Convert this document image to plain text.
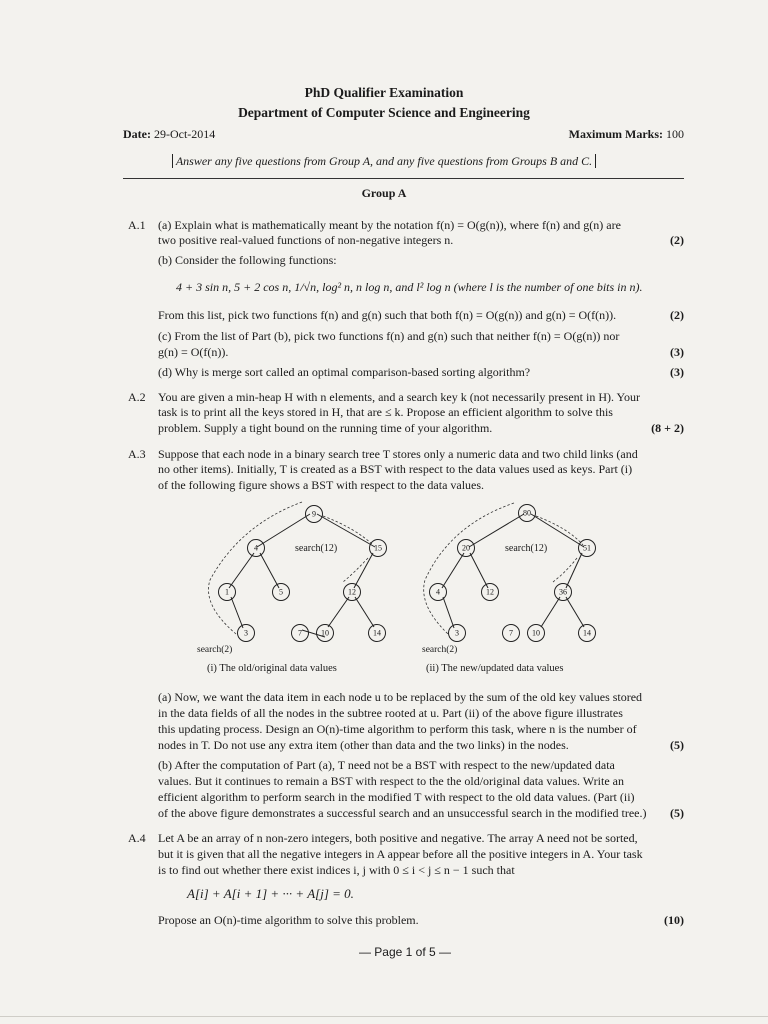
PhD Qualifier Examination
Department of Computer Science and Engineering
Date: 29-Oct-2014	Maximum Marks: 100
Answer any five questions from Group A, and any five questions from Groups B and C.
Group A
A.1	(a) Explain what is mathematically meant by the notation f(n) = O(g(n)), where f(n) and g(n) are
two positive real-valued functions of non-negative integers n.	(2)
(b) Consider the following functions:
4 + 3 sin n, 5 + 2 cos n, 1/√n, log² n, n log n, and l² log n (where l is the number of one bits in n).
From this list, pick two functions f(n) and g(n) such that both f(n) = O(g(n)) and g(n) = O(f(n)).	(2)
(c) From the list of Part (b), pick two functions f(n) and g(n) such that neither f(n) = O(g(n)) nor
g(n) = O(f(n)).	(3)
(d) Why is merge sort called an optimal comparison-based sorting algorithm?	(3)
A.2	You are given a min-heap H with n elements, and a search key k (not necessarily present in H). Your
task is to print all the keys stored in H, that are ≤ k. Propose an efficient algorithm to solve this
problem. Supply a tight bound on the running time of your algorithm.	(8 + 2)
A.3	Suppose that each node in a binary search tree T stores only a numeric data and two child links (and
no other items). Initially, T is created as a BST with respect to the data values used as keys. Part (i)
of the following figure shows a BST with respect to the data values.
9
4	15
1	5	12
3	7 10	14
search(12)
search(2)
(i) The old/original data values
80
20	51
4	12	36
3	7 10	14
search(12)
search(2)
(ii) The new/updated data values
(a) Now, we want the data item in each node u to be replaced by the sum of the old key values stored
in the data fields of all the nodes in the subtree rooted at u. Part (ii) of the above figure illustrates
this updating process. Design an O(n)-time algorithm to perform this task, where n is the number of
nodes in T. Do not use any extra item (other than data and the two links) in the nodes.	(5)
(b) After the computation of Part (a), T need not be a BST with respect to the new/updated data
values. But it continues to remain a BST with respect to the the old/original data values. Write an
efficient algorithm to perform search in the modified T with respect to the old data values. (Part (ii)
of the above figure demonstrates a successful search and an unsuccessful search in the modified tree.)	(5)
A.4	Let A be an array of n non-zero integers, both positive and negative. The array A need not be sorted,
but it is given that all the negative integers in A appear before all the positive integers in A. Your task
is to find out whether there exist indices i, j with 0 ≤ i < j ≤ n − 1 such that
A[i] + A[i + 1] + ··· + A[j] = 0.
Propose an O(n)-time algorithm to solve this problem.	(10)
— Page 1 of 5 —
